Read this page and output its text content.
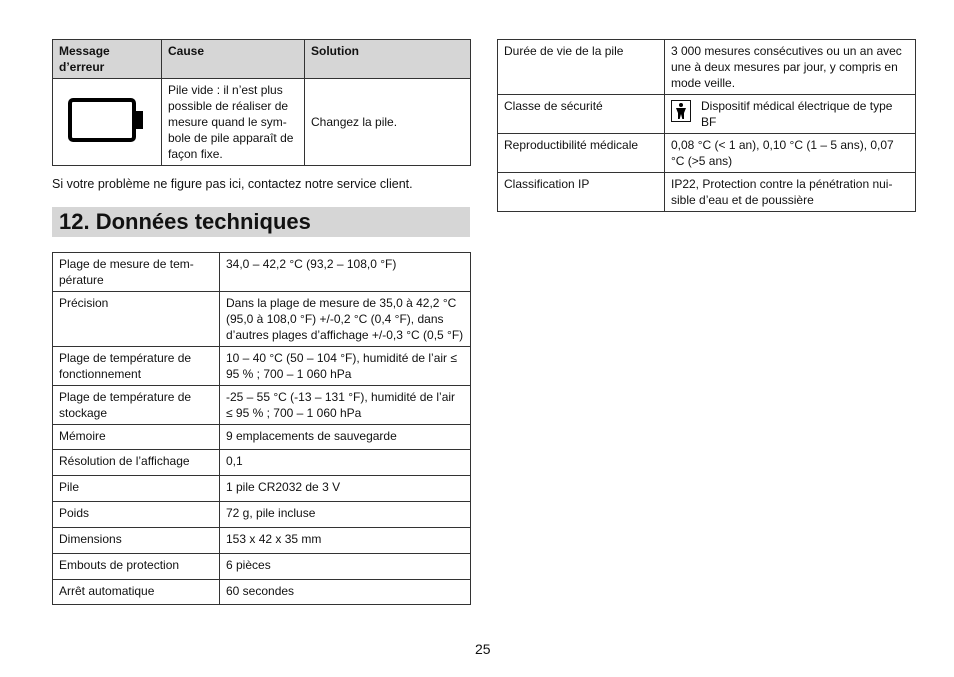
Message d’erreur	Cause	Solution
	Pile vide : il n’est plus possible de réaliser de mesure quand le sym-bole de pile apparaît de façon fixe.	Changez la pile.
Si votre problème ne figure pas ici, contactez notre service client.
12. Données techniques
Plage de mesure de tem-pérature	34,0 – 42,2 °C (93,2 – 108,0 °F)
Précision	Dans la plage de mesure de 35,0 à 42,2 °C (95,0 à 108,0 °F) +/-0,2 °C (0,4 °F), dans d’autres plages d’affichage +/-0,3 °C (0,5 °F)
Plage de température de fonctionnement	10 – 40 °C (50 – 104 °F), humidité de l’air ≤ 95 % ; 700 – 1 060 hPa
Plage de température de stockage	-25 – 55 °C (-13 – 131 °F), humidité de l’air ≤ 95 % ; 700 – 1 060 hPa
Mémoire	9 emplacements de sauvegarde
Résolution de l’affichage	0,1
Pile	1 pile CR2032 de 3 V
Poids	72 g, pile incluse
Dimensions	153 x 42 x 35 mm
Embouts de protection	6 pièces
Arrêt automatique	60 secondes
Durée de vie de la pile	3 000 mesures consécutives ou un an avec une à deux mesures par jour, y compris en mode veille.
Classe de sécurité	Dispositif médical électrique de type BF

Reproductibilité médicale	0,08 °C (< 1 an), 0,10 °C (1 – 5 ans), 0,07 °C (>5 ans)
Classification IP	IP22, Protection contre la pénétration nui-sible d’eau et de poussière
25
